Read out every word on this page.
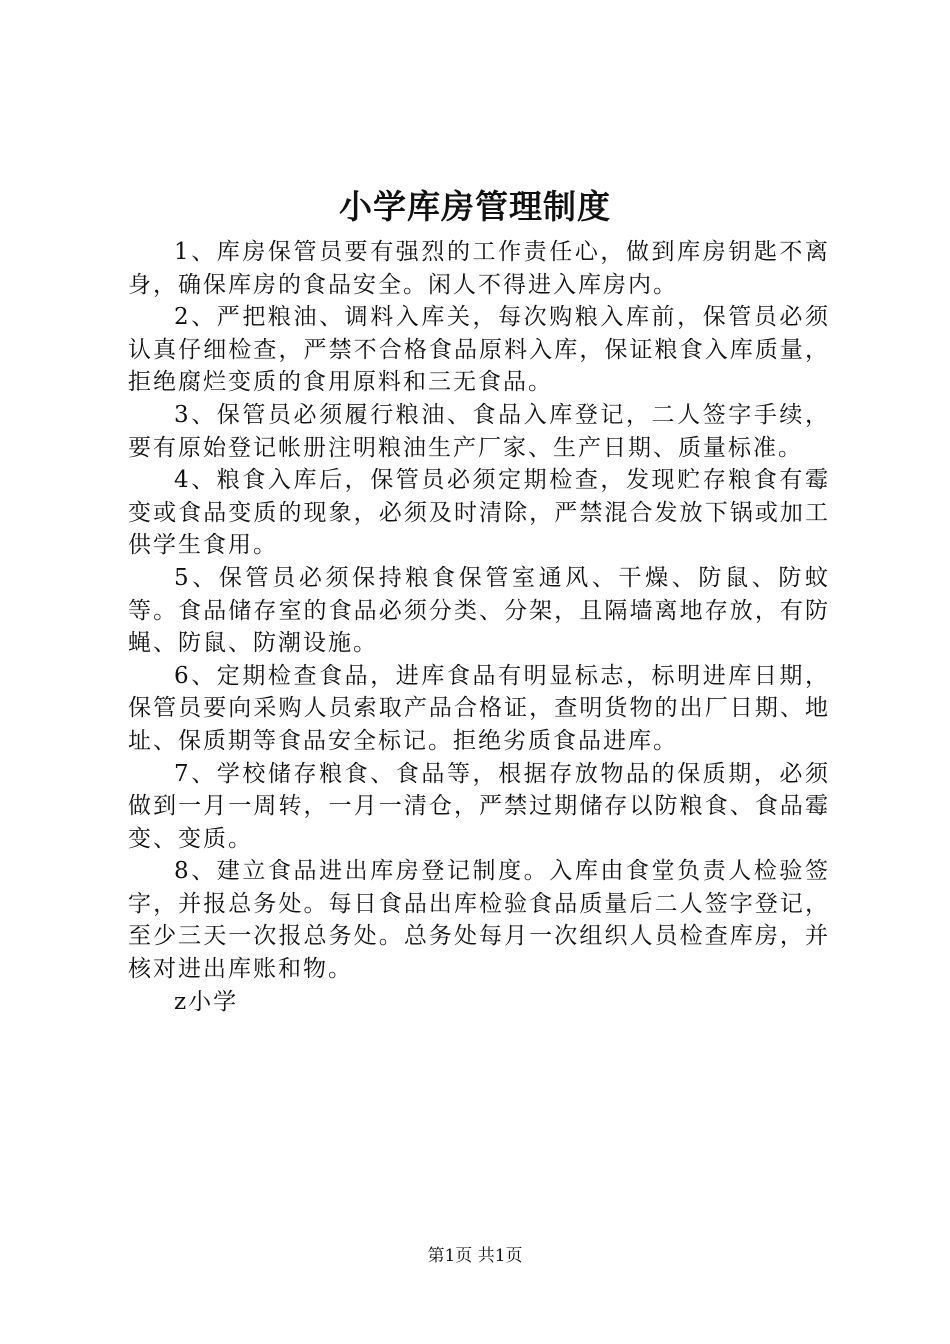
小学库房管理制度

1、库房保管员要有强烈的工作责任心，做到库房钥匙不离身，确保库房的食品安全。闲人不得进入库房内。

2、严把粮油、调料入库关，每次购粮入库前，保管员必须认真仔细检查，严禁不合格食品原料入库，保证粮食入库质量，拒绝腐烂变质的食用原料和三无食品。

3、保管员必须履行粮油、食品入库登记，二人签字手续，要有原始登记帐册注明粮油生产厂家、生产日期、质量标准。

4、粮食入库后，保管员必须定期检查，发现贮存粮食有霉变或食品变质的现象，必须及时清除，严禁混合发放下锅或加工供学生食用。

5、保管员必须保持粮食保管室通风、干燥、防鼠、防蚊等。食品储存室的食品必须分类、分架，且隔墙离地存放，有防蝇、防鼠、防潮设施。

6、定期检查食品，进库食品有明显标志，标明进库日期，保管员要向采购人员索取产品合格证，查明货物的出厂日期、地址、保质期等食品安全标记。拒绝劣质食品进库。

7、学校储存粮食、食品等，根据存放物品的保质期，必须做到一月一周转，一月一清仓，严禁过期储存以防粮食、食品霉变、变质。

8、建立食品进出库房登记制度。入库由食堂负责人检验签字，并报总务处。每日食品出库检验食品质量后二人签字登记，至少三天一次报总务处。总务处每月一次组织人员检查库房，并核对进出库账和物。

z小学

第1页 共1页
